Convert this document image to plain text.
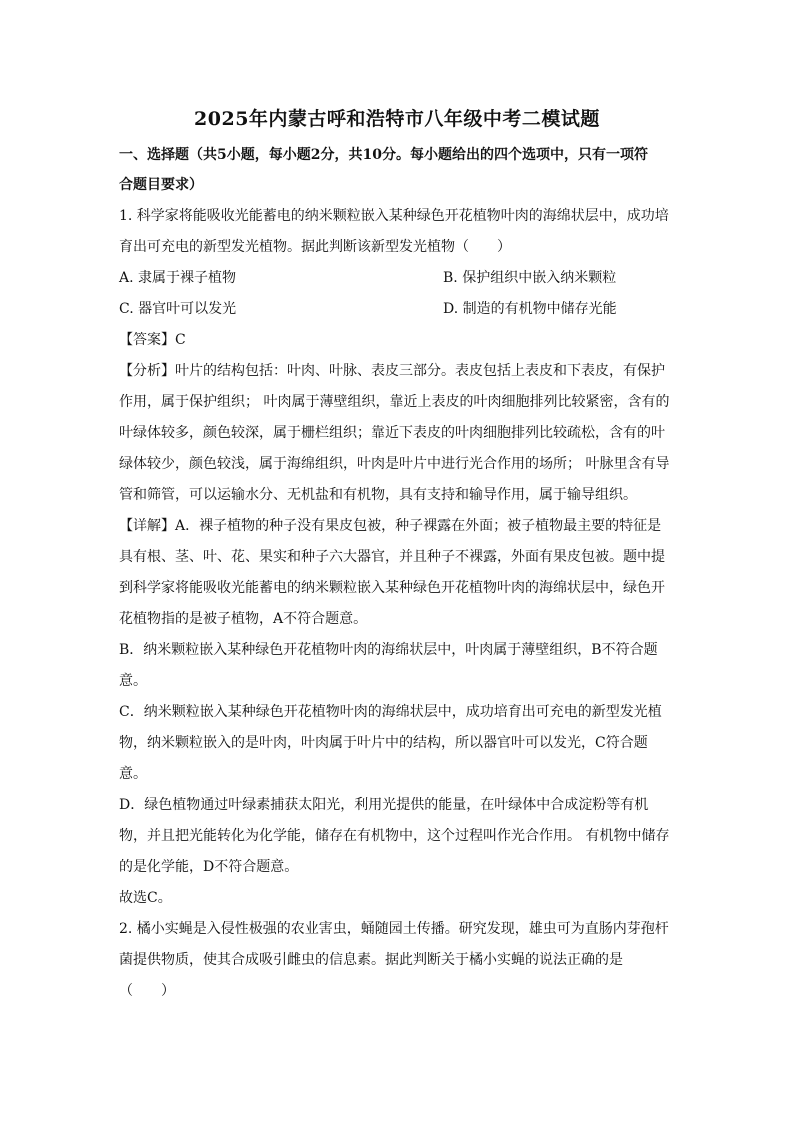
2025年内蒙古呼和浩特市八年级中考二模试题
一、选择题（共5小题，每小题2分，共10分。每小题给出的四个选项中，只有一项符
合题目要求）
1. 科学家将能吸收光能蓄电的纳米颗粒嵌入某种绿色开花植物叶肉的海绵状层中，成功培
育出可充电的新型发光植物。据此判断该新型发光植物（　　）
A. 隶属于裸子植物	B. 保护组织中嵌入纳米颗粒
C. 器官叶可以发光	D. 制造的有机物中储存光能
【答案】C
【分析】叶片的结构包括：叶肉、叶脉、表皮三部分。表皮包括上表皮和下表皮，有保护
作用，属于保护组织； 叶肉属于薄壁组织，靠近上表皮的叶肉细胞排列比较紧密，含有的
叶绿体较多，颜色较深，属于栅栏组织；靠近下表皮的叶肉细胞排列比较疏松，含有的叶
绿体较少，颜色较浅，属于海绵组织，叶肉是叶片中进行光合作用的场所； 叶脉里含有导
管和筛管，可以运输水分、无机盐和有机物，具有支持和输导作用，属于输导组织。
【详解】A．裸子植物的种子没有果皮包被，种子裸露在外面；被子植物最主要的特征是
具有根、茎、叶、花、果实和种子六大器官，并且种子不裸露，外面有果皮包被。题中提
到科学家将能吸收光能蓄电的纳米颗粒嵌入某种绿色开花植物叶肉的海绵状层中，绿色开
花植物指的是被子植物，A不符合题意。
B．纳米颗粒嵌入某种绿色开花植物叶肉的海绵状层中，叶肉属于薄壁组织，B不符合题
意。
C．纳米颗粒嵌入某种绿色开花植物叶肉的海绵状层中，成功培育出可充电的新型发光植
物，纳米颗粒嵌入的是叶肉，叶肉属于叶片中的结构，所以器官叶可以发光，C符合题
意。
D．绿色植物通过叶绿素捕获太阳光，利用光提供的能量，在叶绿体中合成淀粉等有机
物，并且把光能转化为化学能，储存在有机物中，这个过程叫作光合作用。 有机物中储存
的是化学能，D不符合题意。
故选C。
2. 橘小实蝇是入侵性极强的农业害虫，蛹随园土传播。研究发现，雄虫可为直肠内芽孢杆
菌提供物质，使其合成吸引雌虫的信息素。据此判断关于橘小实蝇的说法正确的是
（　　）
